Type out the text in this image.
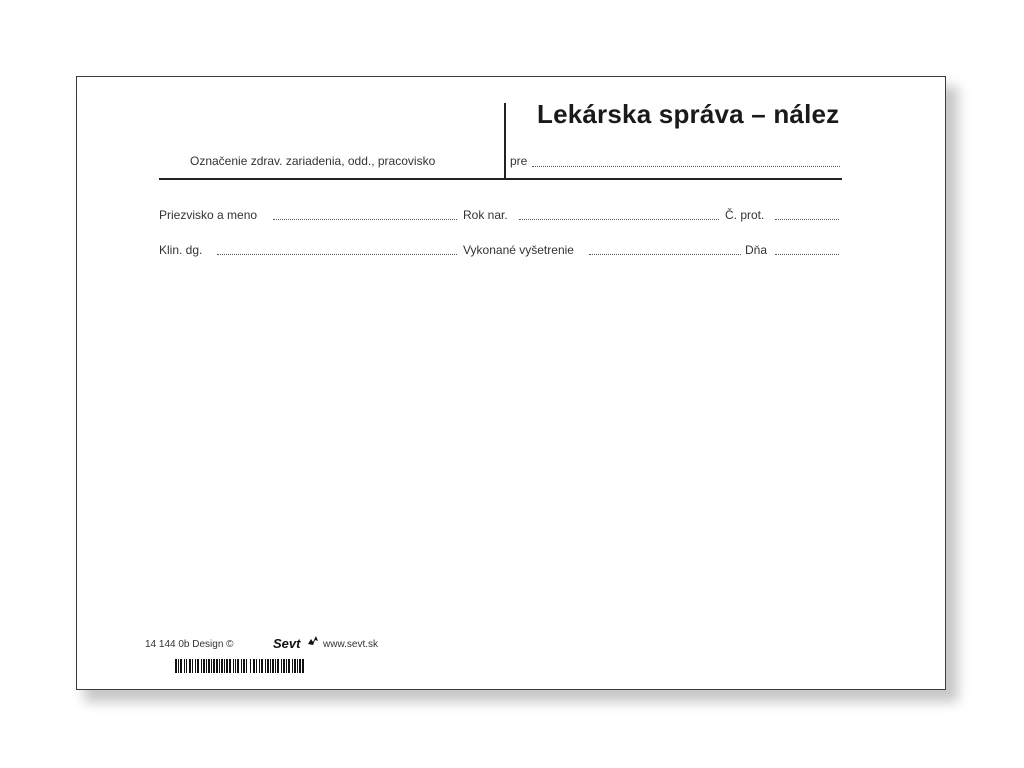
Lekárska správa – nález
Označenie zdrav. zariadenia, odd., pracovisko	pre
Priezvisko a meno	Rok nar.	Č. prot.
Klin. dg.	Vykonané vyšetrenie	Dňa
14 144 0b Design ©	Sevt www.sevt.sk
